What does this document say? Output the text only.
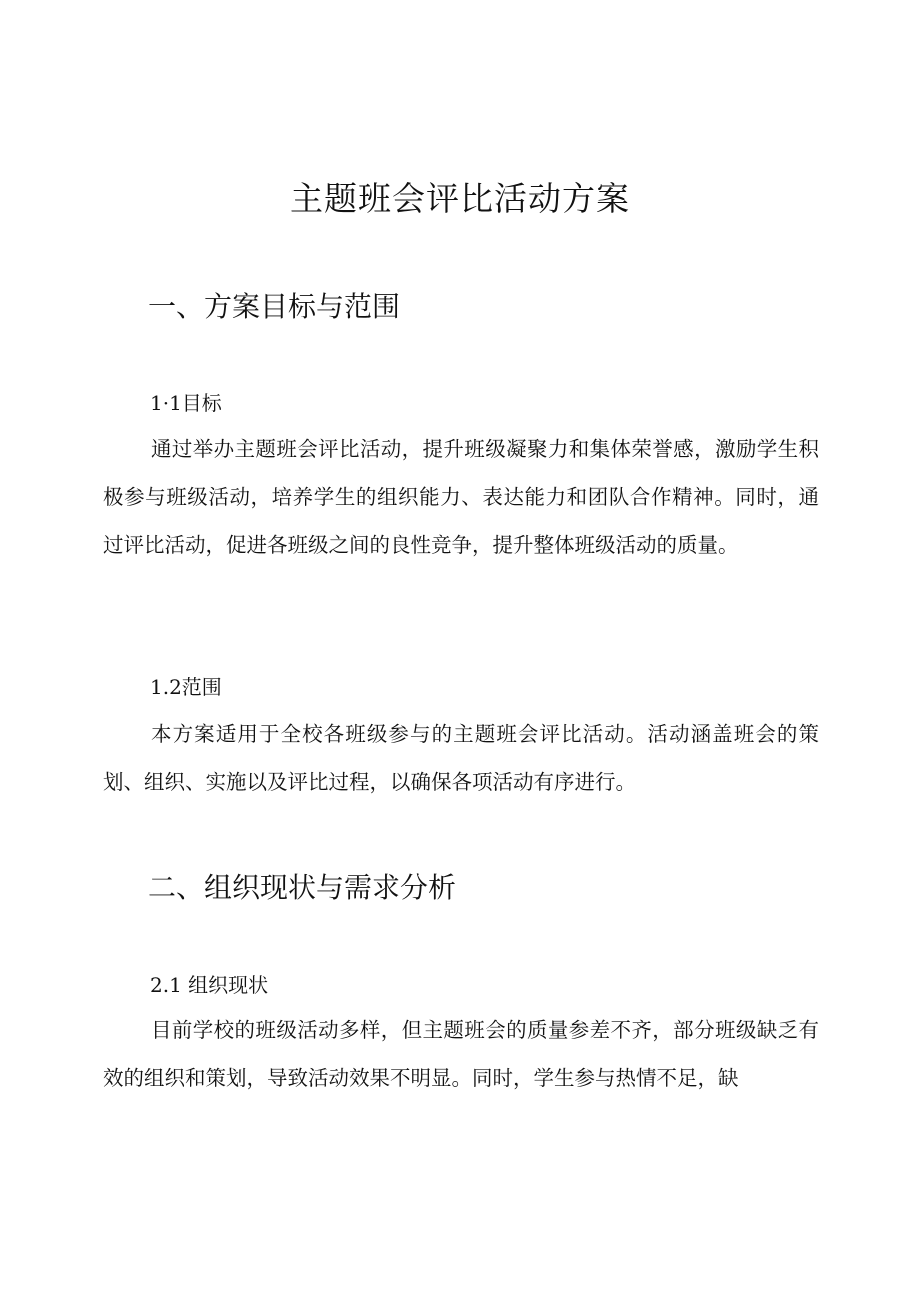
主题班会评比活动方案
一、方案目标与范围
1·1目标
通过举办主题班会评比活动，提升班级凝聚力和集体荣誉感，激励学生积极参与班级活动，培养学生的组织能力、表达能力和团队合作精神。同时，通过评比活动，促进各班级之间的良性竞争，提升整体班级活动的质量。
1.2范围
本方案适用于全校各班级参与的主题班会评比活动。活动涵盖班会的策划、组织、实施以及评比过程，以确保各项活动有序进行。
二、组织现状与需求分析
2.1 组织现状
目前学校的班级活动多样，但主题班会的质量参差不齐，部分班级缺乏有效的组织和策划，导致活动效果不明显。同时，学生参与热情不足，缺
